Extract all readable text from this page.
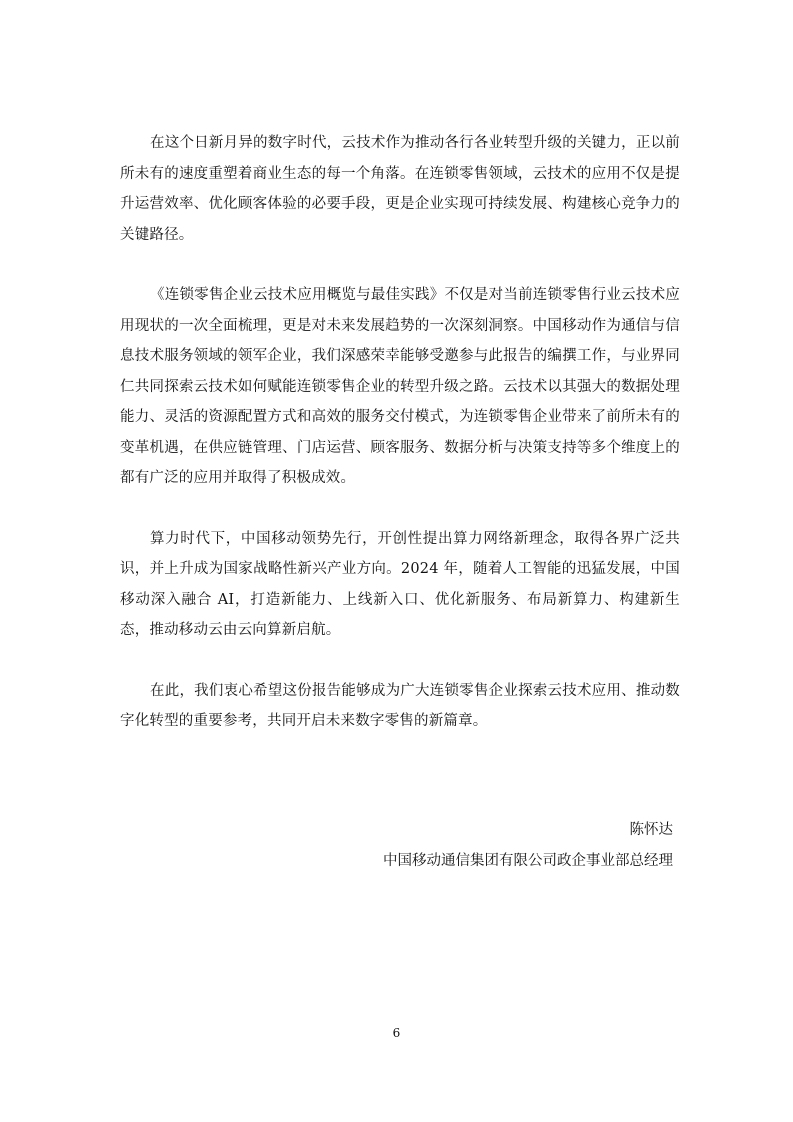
在这个日新月异的数字时代，云技术作为推动各行各业转型升级的关键力，正以前所未有的速度重塑着商业生态的每一个角落。在连锁零售领域，云技术的应用不仅是提升运营效率、优化顾客体验的必要手段，更是企业实现可持续发展、构建核心竞争力的关键路径。

《连锁零售企业云技术应用概览与最佳实践》不仅是对当前连锁零售行业云技术应用现状的一次全面梳理，更是对未来发展趋势的一次深刻洞察。中国移动作为通信与信息技术服务领域的领军企业，我们深感荣幸能够受邀参与此报告的编撰工作，与业界同仁共同探索云技术如何赋能连锁零售企业的转型升级之路。云技术以其强大的数据处理能力、灵活的资源配置方式和高效的服务交付模式，为连锁零售企业带来了前所未有的变革机遇，在供应链管理、门店运营、顾客服务、数据分析与决策支持等多个维度上的都有广泛的应用并取得了积极成效。

算力时代下，中国移动领势先行，开创性提出算力网络新理念，取得各界广泛共识，并上升成为国家战略性新兴产业方向。2024 年，随着人工智能的迅猛发展，中国移动深入融合 AI，打造新能力、上线新入口、优化新服务、布局新算力、构建新生态，推动移动云由云向算新启航。

在此，我们衷心希望这份报告能够成为广大连锁零售企业探索云技术应用、推动数字化转型的重要参考，共同开启未来数字零售的新篇章。

陈怀达
中国移动通信集团有限公司政企事业部总经理
6
